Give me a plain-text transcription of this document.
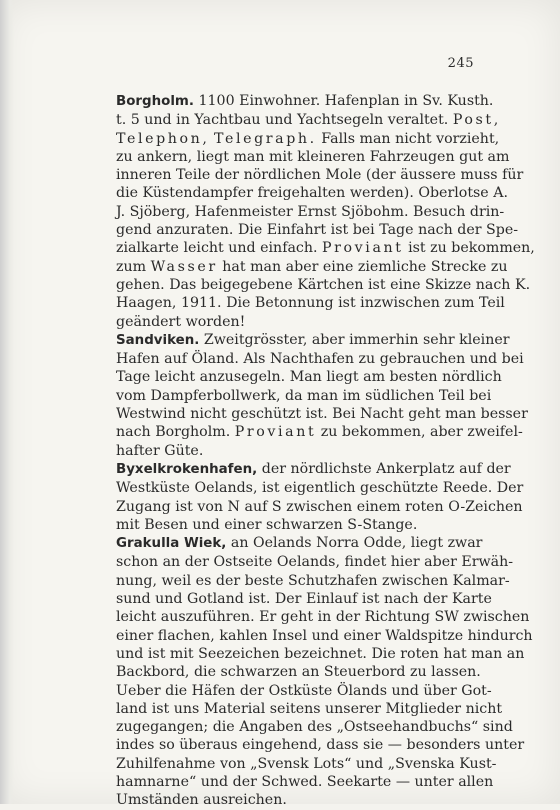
245
Borgholm. 1100 Einwohner. Hafenplan in Sv. Kusth.
t. 5 und in Yachtbau und Yachtsegeln veraltet. Post,
Telephon, Telegraph. Falls man nicht vorzieht,
zu ankern, liegt man mit kleineren Fahrzeugen gut am
inneren Teile der nördlichen Mole (der äussere muss für
die Küstendampfer freigehalten werden). Oberlotse A.
J. Sjöberg, Hafenmeister Ernst Sjöbohm. Besuch drin-
gend anzuraten. Die Einfahrt ist bei Tage nach der Spe-
zialkarte leicht und einfach. Proviant ist zu bekommen,
zum Wasser hat man aber eine ziemliche Strecke zu
gehen. Das beigegebene Kärtchen ist eine Skizze nach K.
Haagen, 1911. Die Betonnung ist inzwischen zum Teil
geändert worden!
Sandviken. Zweitgrösster, aber immerhin sehr kleiner
Hafen auf Öland. Als Nachthafen zu gebrauchen und bei
Tage leicht anzusegeln. Man liegt am besten nördlich
vom Dampferbollwerk, da man im südlichen Teil bei
Westwind nicht geschützt ist. Bei Nacht geht man besser
nach Borgholm. Proviant zu bekommen, aber zweifel-
hafter Güte.
Byxelkrokenhafen, der nördlichste Ankerplatz auf der
Westküste Oelands, ist eigentlich geschützte Reede. Der
Zugang ist von N auf S zwischen einem roten O-Zeichen
mit Besen und einer schwarzen S-Stange.
Grakulla Wiek, an Oelands Norra Odde, liegt zwar
schon an der Ostseite Oelands, findet hier aber Erwäh-
nung, weil es der beste Schutzhafen zwischen Kalmar-
sund und Gotland ist. Der Einlauf ist nach der Karte
leicht auszuführen. Er geht in der Richtung SW zwischen
einer flachen, kahlen Insel und einer Waldspitze hindurch
und ist mit Seezeichen bezeichnet. Die roten hat man an
Backbord, die schwarzen an Steuerbord zu lassen.
Ueber die Häfen der Ostküste Ölands und über Got-
land ist uns Material seitens unserer Mitglieder nicht
zugegangen; die Angaben des „Ostseehandbuchs“ sind
indes so überaus eingehend, dass sie — besonders unter
Zuhilfenahme von „Svensk Lots“ und „Svenska Kust-
hamnarne“ und der Schwed. Seekarte — unter allen
Umständen ausreichen.
